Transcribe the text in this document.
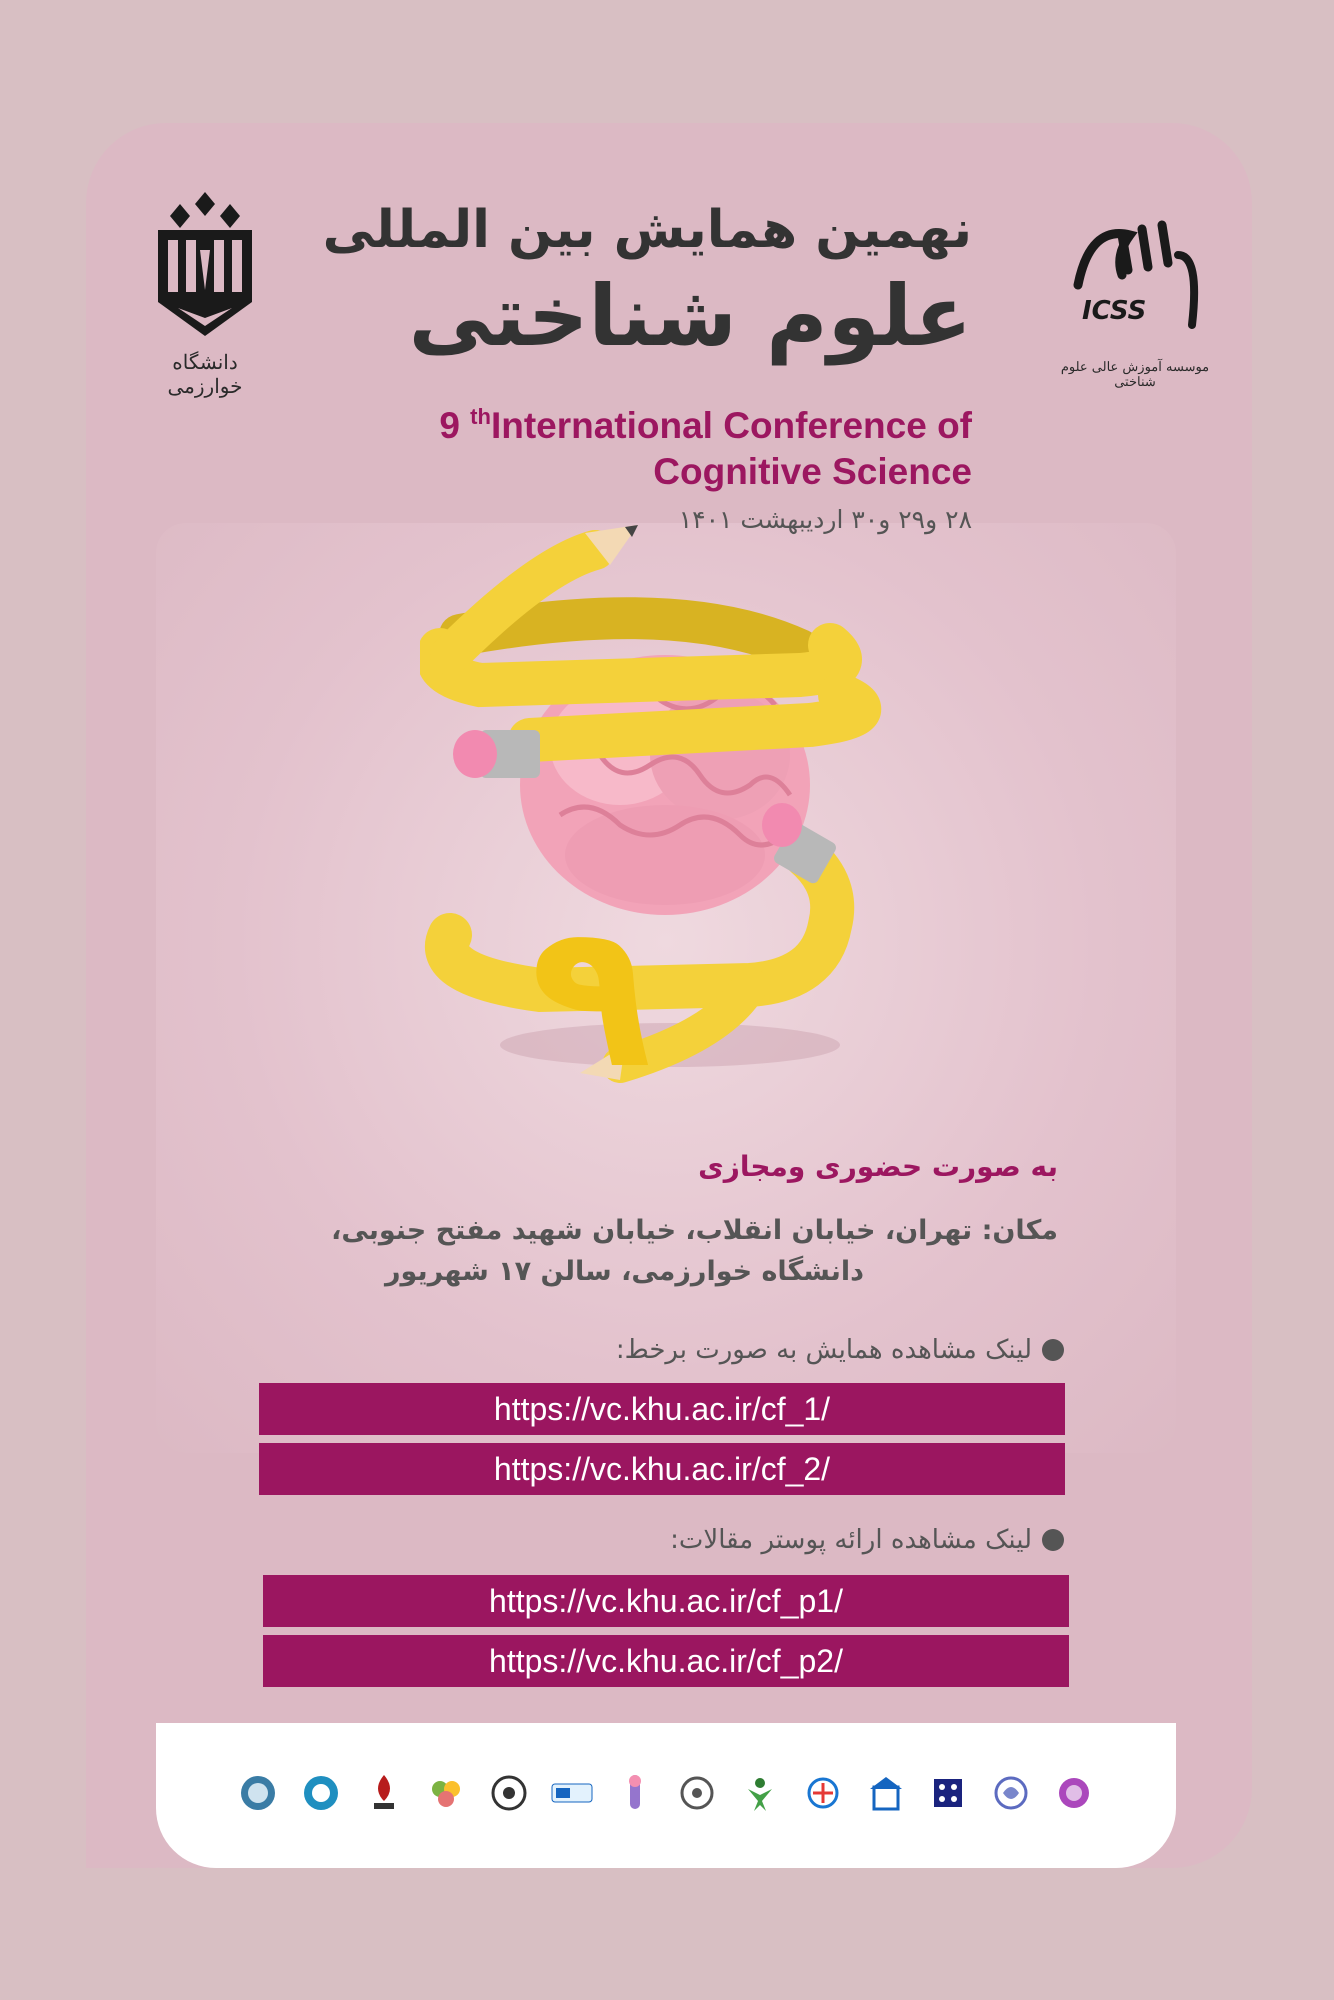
دانشگاه خوارزمی
ICSS
موسسه آموزش عالی علوم شناختی
نهمین همایش بین المللی
علوم شناختی
9 $^{th}$International Conference of
Cognitive Science
۲۸ و۲۹ و۳۰ اردیبهشت ۱۴۰۱
۹
به صورت حضوری ومجازی
مکان: تهران، خیابان انقلاب، خیابان شهید مفتح جنوبی،
دانشگاه خوارزمی، سالن ۱۷ شهریور
لینک مشاهده همایش به صورت برخط:
https://vc.khu.ac.ir/cf_1/
https://vc.khu.ac.ir/cf_2/
لینک مشاهده ارائه پوستر مقالات:
https://vc.khu.ac.ir/cf_p1/
https://vc.khu.ac.ir/cf_p2/
